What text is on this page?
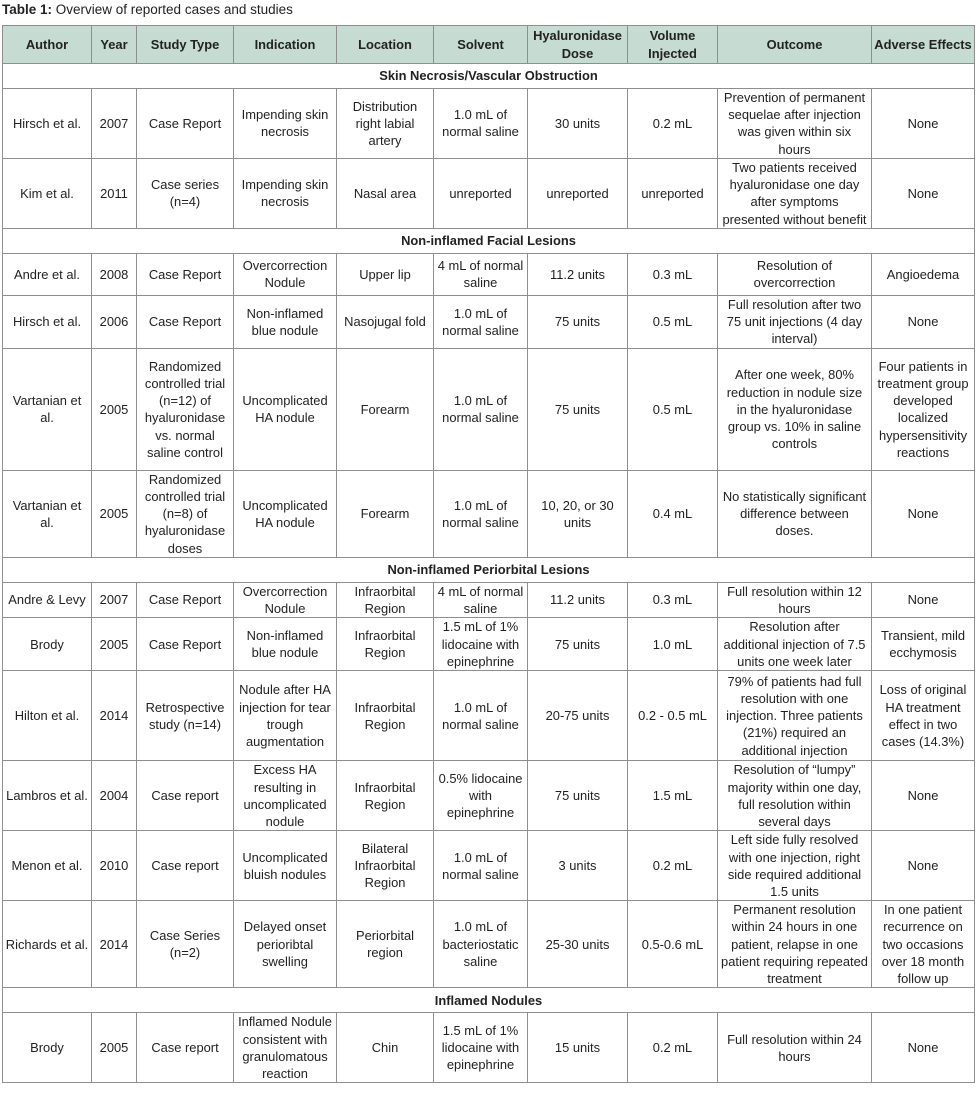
Table 1: Overview of reported cases and studies
Author	Year	Study Type	Indication	Location	Solvent	Hyaluronidase Dose	Volume Injected	Outcome	Adverse Effects
Skin Necrosis/Vascular Obstruction									
Hirsch et al.	2007	Case Report	Impending skin necrosis	Distribution right labial artery	1.0 mL of normal saline	30 units	0.2 mL	Prevention of permanent sequelae after injection was given within six hours	None
Kim et al.	2011	Case series (n=4)	Impending skin necrosis	Nasal area	unreported	unreported	unreported	Two patients received hyaluronidase one day after symptoms presented without benefit	None
Non-inflamed Facial Lesions									
Andre et al.	2008	Case Report	Overcorrection Nodule	Upper lip	4 mL of normal saline	11.2 units	0.3 mL	Resolution of overcorrection	Angioedema
Hirsch et al.	2006	Case Report	Non-inflamed blue nodule	Nasojugal fold	1.0 mL of normal saline	75 units	0.5 mL	Full resolution after two 75 unit injections (4 day interval)	None
Vartanian et al.	2005	Randomized controlled trial (n=12) of hyaluronidase vs. normal saline control	Uncomplicated HA nodule	Forearm	1.0 mL of normal saline	75 units	0.5 mL	After one week, 80% reduction in nodule size in the hyaluronidase group vs. 10% in saline controls	Four patients in treatment group developed localized hypersensitivity reactions
Vartanian et al.	2005	Randomized controlled trial (n=8) of hyaluronidase doses	Uncomplicated HA nodule	Forearm	1.0 mL of normal saline	10, 20, or 30 units	0.4 mL	No statistically significant difference between doses.	None
Non-inflamed Periorbital Lesions									
Andre & Levy	2007	Case Report	Overcorrection Nodule	Infraorbital Region	4 mL of normal saline	11.2 units	0.3 mL	Full resolution within 12 hours	None
Brody	2005	Case Report	Non-inflamed blue nodule	Infraorbital Region	1.5 mL of 1% lidocaine with epinephrine	75 units	1.0 mL	Resolution after additional injection of 7.5 units one week later	Transient, mild ecchymosis
Hilton et al.	2014	Retrospective study (n=14)	Nodule after HA injection for tear trough augmentation	Infraorbital Region	1.0 mL of normal saline	20-75 units	0.2 - 0.5 mL	79% of patients had full resolution with one injection. Three patients (21%) required an additional injection	Loss of original HA treatment effect in two cases (14.3%)
Lambros et al.	2004	Case report	Excess HA resulting in uncomplicated nodule	Infraorbital Region	0.5% lidocaine with epinephrine	75 units	1.5 mL	Resolution of “lumpy” majority within one day, full resolution within several days	None
Menon et al.	2010	Case report	Uncomplicated bluish nodules	Bilateral Infraorbital Region	1.0 mL of normal saline	3 units	0.2 mL	Left side fully resolved with one injection, right side required additional 1.5 units	None
Richards et al.	2014	Case Series (n=2)	Delayed onset perioribtal swelling	Periorbital region	1.0 mL of bacteriostatic saline	25-30 units	0.5-0.6 mL	Permanent resolution within 24 hours in one patient, relapse in one patient requiring repeated treatment	In one patient recurrence on two occasions over 18 month follow up
Inflamed Nodules									
Brody	2005	Case report	Inflamed Nodule consistent with granulomatous reaction	Chin	1.5 mL of 1% lidocaine with epinephrine	15 units	0.2 mL	Full resolution within 24 hours	None
